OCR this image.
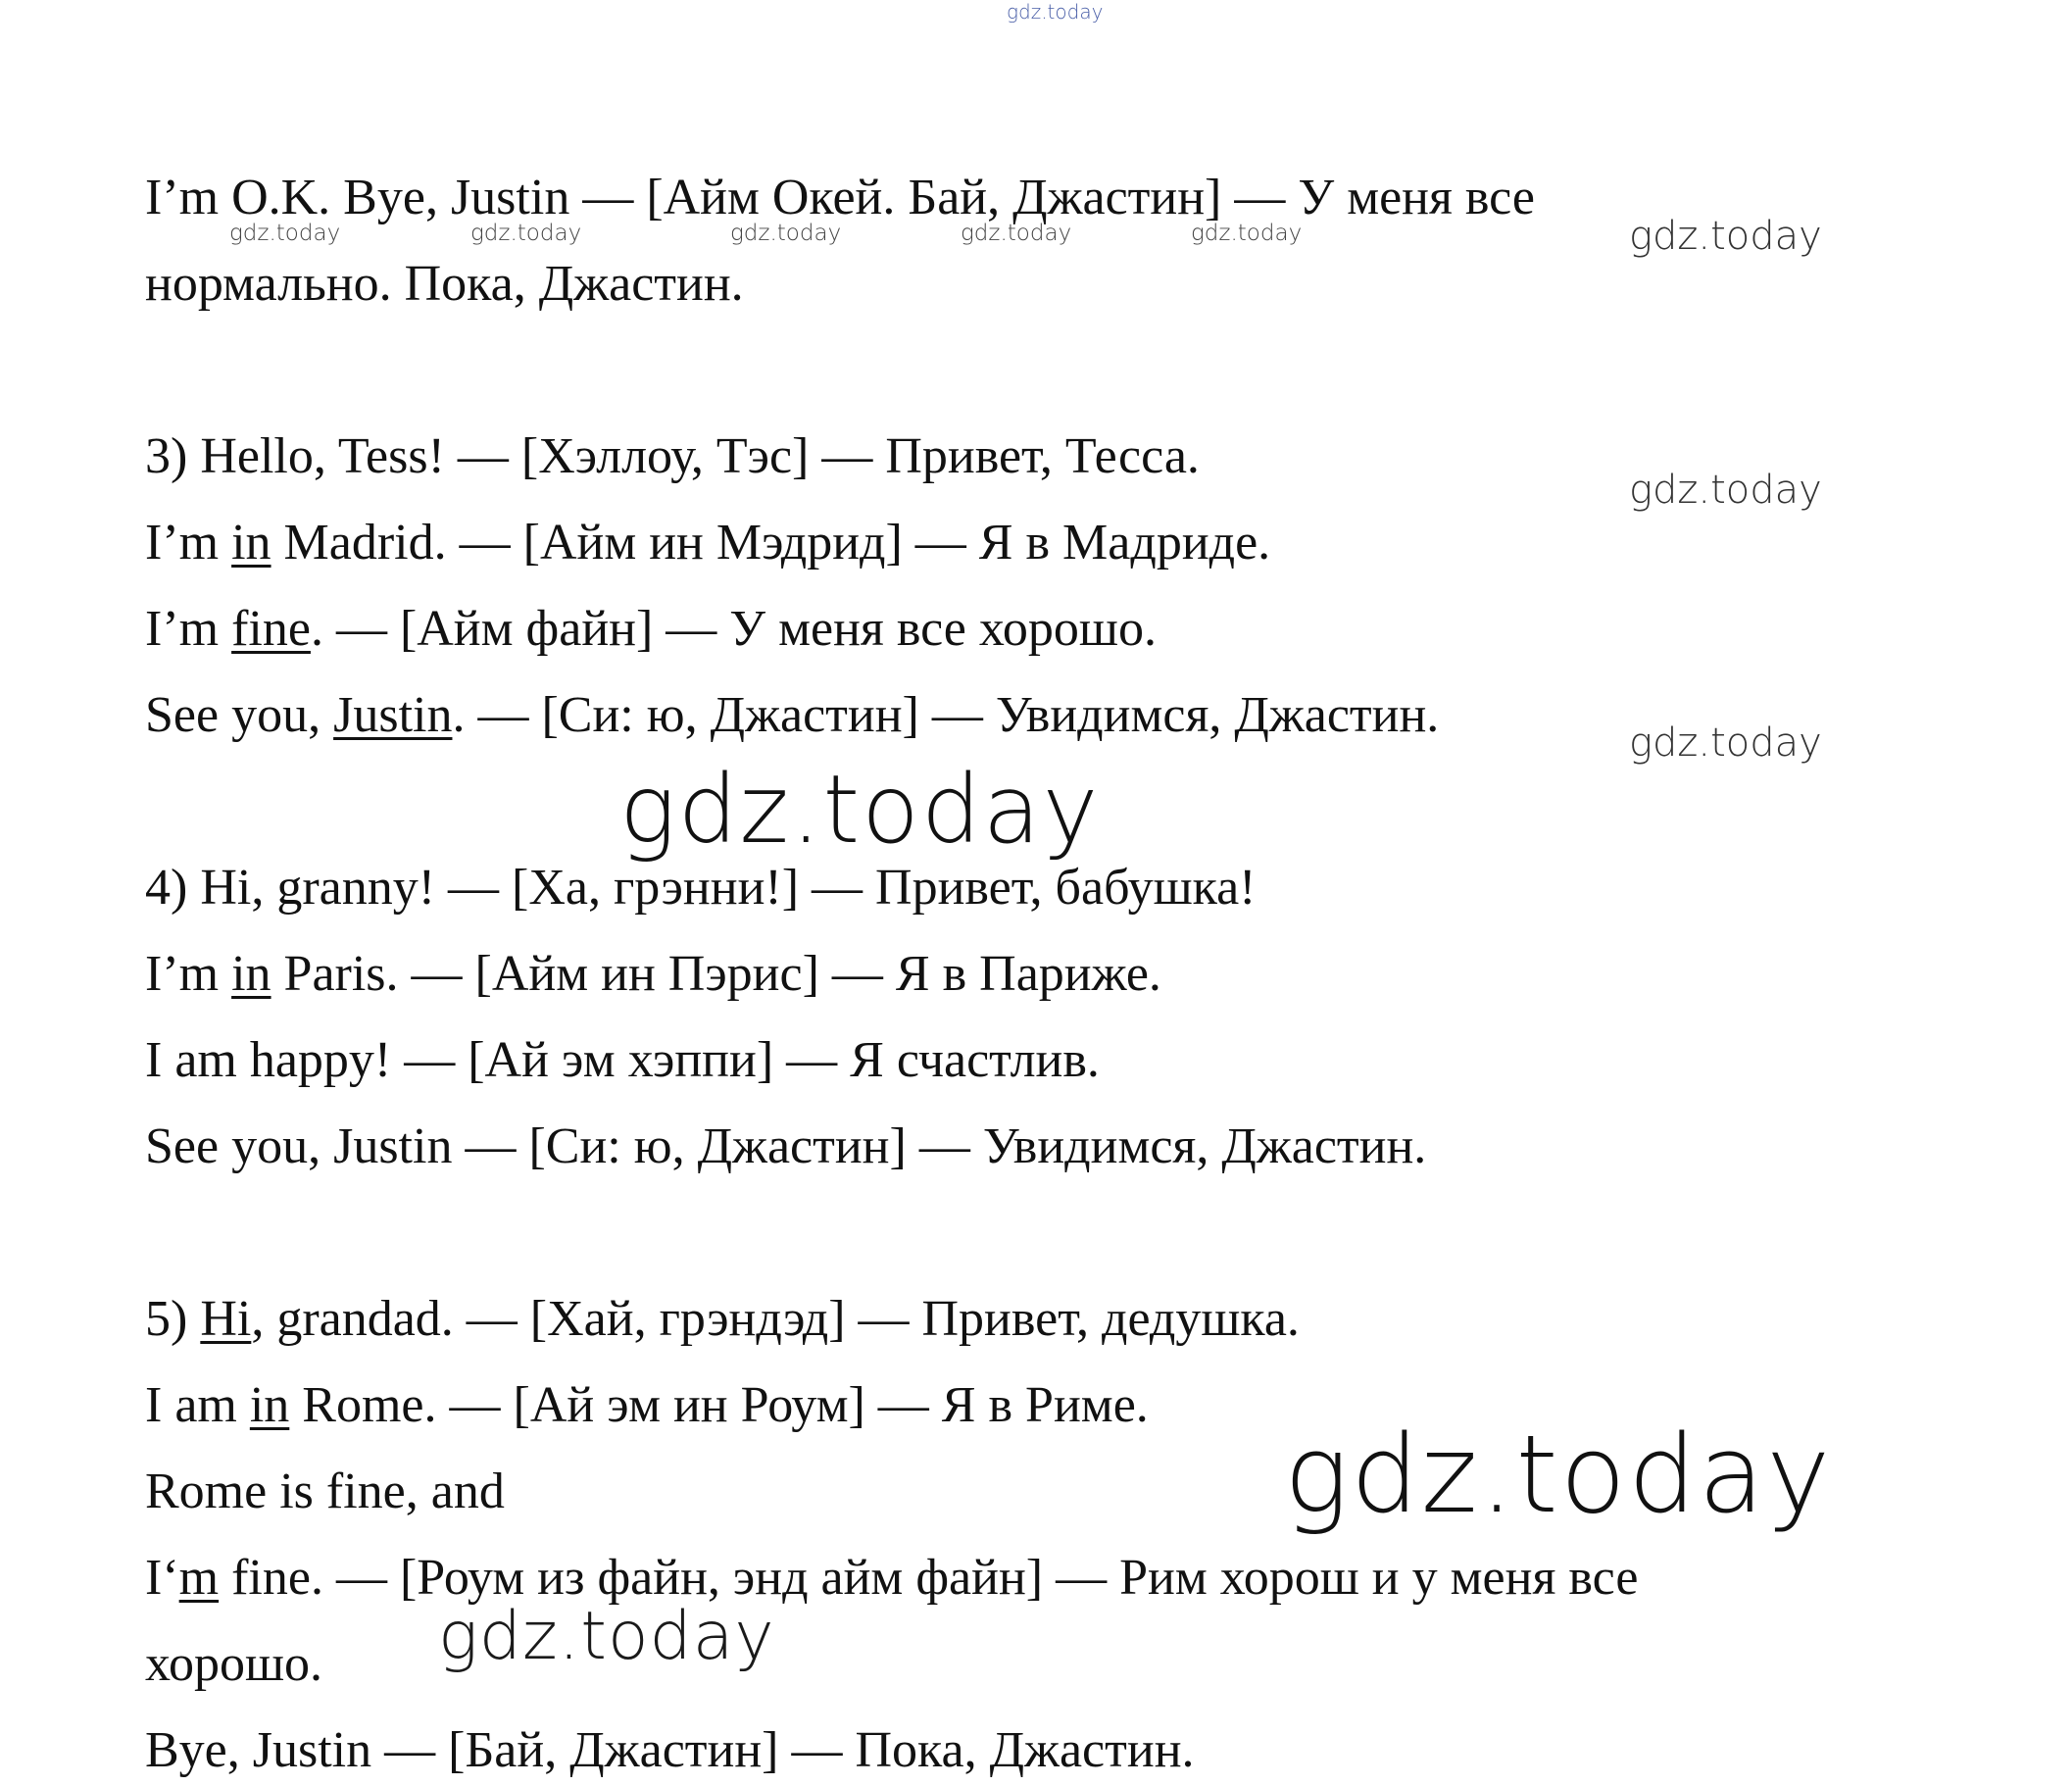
gdz.today
gdz.today	gdz.today	gdz.today	gdz.today	gdz.today	gdz.today
gdz.today
gdz.today
gdz.today
gdz.today
gdz.today
I’m O.K. Bye, Justin — [Айм Окей. Бай, Джастин] — У меня все
нормально. Пока, Джастин.
3) Hello, Tess! — [Хэллоу, Тэс] — Привет, Тесса.
I’m in Madrid. — [Айм ин Мэдрид] — Я в Мадриде.
I’m fine. — [Айм файн] — У меня все хорошо.
See you, Justin. — [Си: ю, Джастин] — Увидимся, Джастин.
4) Hi, granny! — [Ха, грэнни!] — Привет, бабушка!
I’m in Paris. — [Айм ин Пэрис] — Я в Париже.
I am happy! — [Ай эм хэппи] — Я счастлив.
See you, Justin — [Си: ю, Джастин] — Увидимся, Джастин.
5) Hi, grandad. — [Хай, грэндэд] — Привет, дедушка.
I am in Rome. — [Ай эм ин Роум] — Я в Риме.
Rome is fine, and
I‘m fine. — [Роум из файн, энд айм файн] — Рим хорош и у меня все
хорошо.
Bye, Justin — [Бай, Джастин] — Пока, Джастин.
